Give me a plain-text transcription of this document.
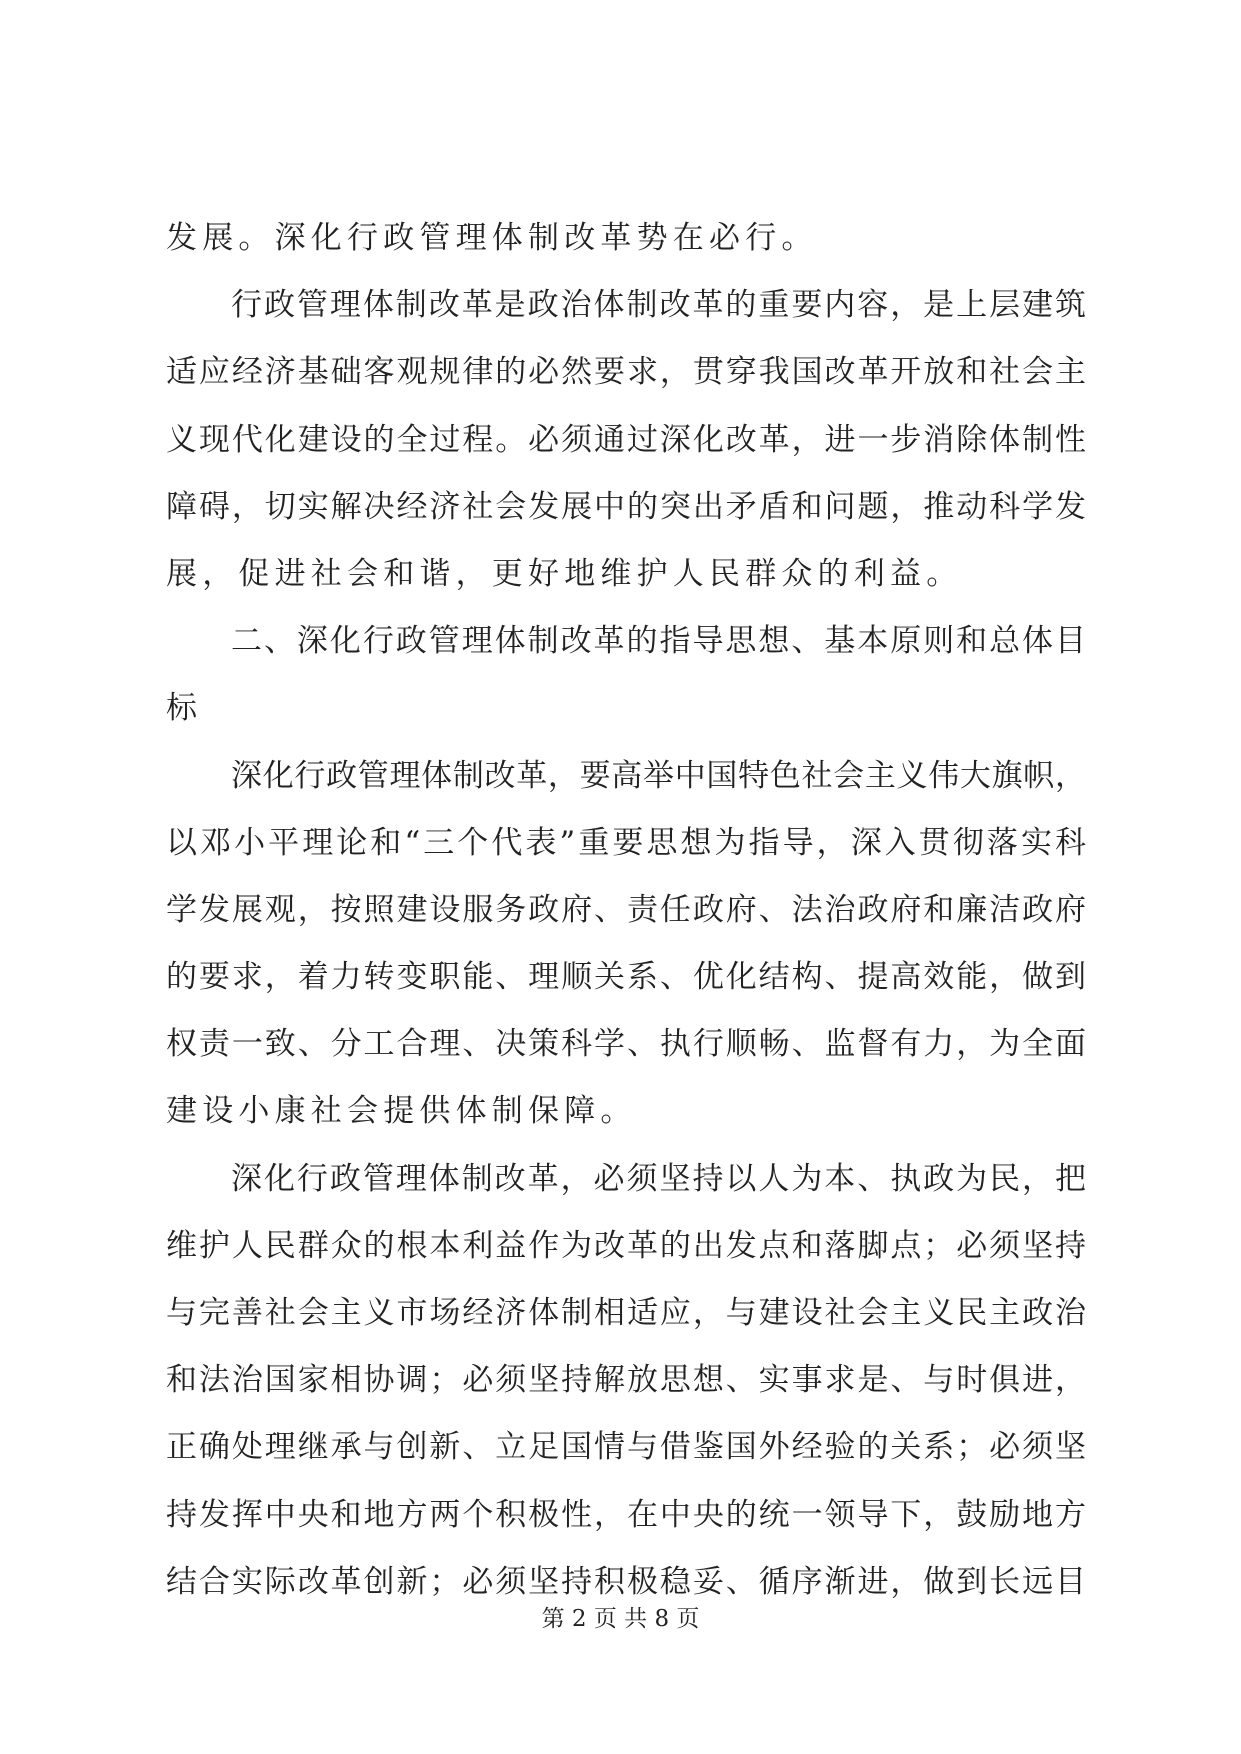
发展。深化行政管理体制改革势在必行。
行政管理体制改革是政治体制改革的重要内容，是上层建筑
适应经济基础客观规律的必然要求，贯穿我国改革开放和社会主
义现代化建设的全过程。必须通过深化改革，进一步消除体制性
障碍，切实解决经济社会发展中的突出矛盾和问题，推动科学发
展，促进社会和谐，更好地维护人民群众的利益。
二、深化行政管理体制改革的指导思想、基本原则和总体目
标
深化行政管理体制改革，要高举中国特色社会主义伟大旗帜，
以邓小平理论和“三个代表”重要思想为指导，深入贯彻落实科
学发展观，按照建设服务政府、责任政府、法治政府和廉洁政府
的要求，着力转变职能、理顺关系、优化结构、提高效能，做到
权责一致、分工合理、决策科学、执行顺畅、监督有力，为全面
建设小康社会提供体制保障。
深化行政管理体制改革，必须坚持以人为本、执政为民，把
维护人民群众的根本利益作为改革的出发点和落脚点；必须坚持
与完善社会主义市场经济体制相适应，与建设社会主义民主政治
和法治国家相协调；必须坚持解放思想、实事求是、与时俱进，
正确处理继承与创新、立足国情与借鉴国外经验的关系；必须坚
持发挥中央和地方两个积极性，在中央的统一领导下，鼓励地方
结合实际改革创新；必须坚持积极稳妥、循序渐进，做到长远目
第 2 页 共 8 页
